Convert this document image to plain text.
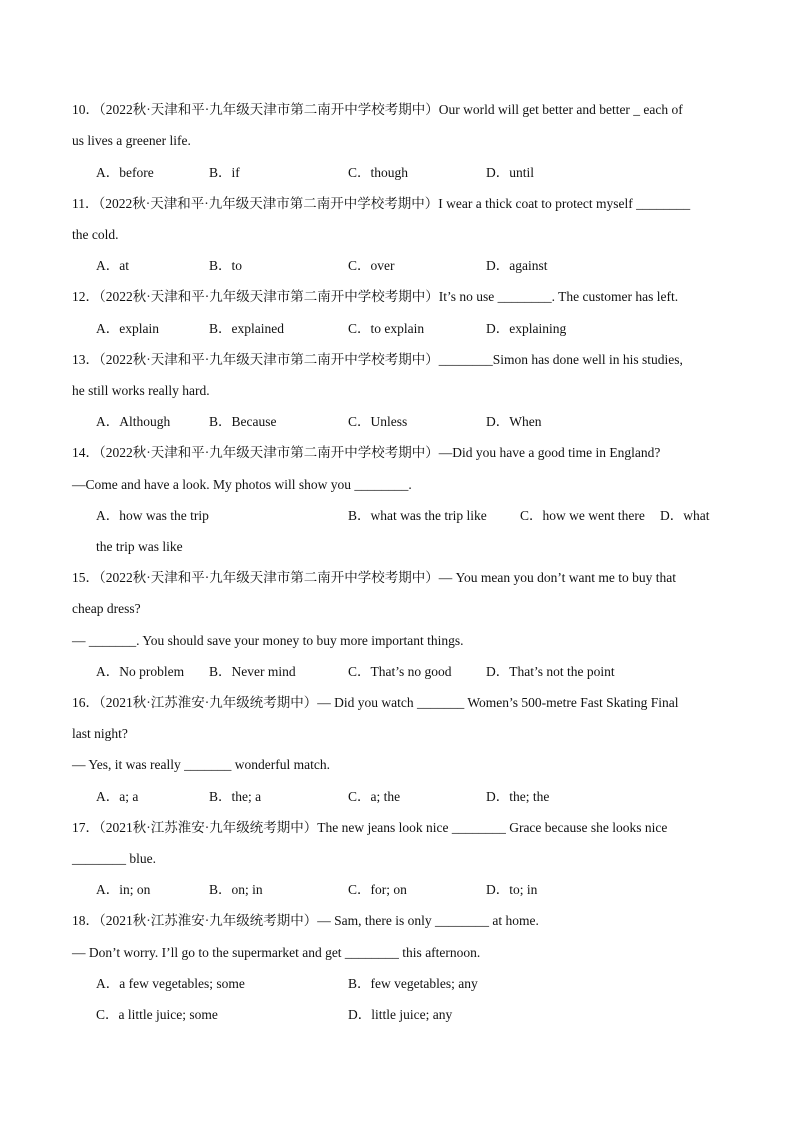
10．（2022秋·天津和平·九年级天津市第二南开中学校考期中）Our world will get better and better _ each of
us lives a greener life.
A．before	B．if	C．though	D．until
11．（2022秋·天津和平·九年级天津市第二南开中学校考期中）I wear a thick coat to protect myself ________
the cold.
A．at	B．to	C．over	D．against
12．（2022秋·天津和平·九年级天津市第二南开中学校考期中）It’s no use ________. The customer has left.
A．explain	B．explained	C．to explain	D．explaining
13．（2022秋·天津和平·九年级天津市第二南开中学校考期中）________Simon has done well in his studies,
he still works really hard.
A．Although	B．Because	C．Unless	D．When
14．（2022秋·天津和平·九年级天津市第二南开中学校考期中）—Did you have a good time in England?
—Come and have a look. My photos will show you ________.
A．how was the trip	B．what was the trip like C．how we went there D．what
the trip was like
15．（2022秋·天津和平·九年级天津市第二南开中学校考期中）— You mean you don’t want me to buy that
cheap dress?
— _______. You should save your money to buy more important things.
A．No problem B．Never mind	C．That’s no good	D．That’s not the point
16．（2021秋·江苏淮安·九年级统考期中）— Did you watch _______ Women’s 500-metre Fast Skating Final
last night?
— Yes, it was really _______ wonderful match.
A．a; a	B．the; a	C．a; the	D．the; the
17．（2021秋·江苏淮安·九年级统考期中）The new jeans look nice ________ Grace because she looks nice
________ blue.
A．in; on	B．on; in	C．for; on	D．to; in
18．（2021秋·江苏淮安·九年级统考期中）— Sam, there is only ________ at home.
— Don’t worry. I’ll go to the supermarket and get ________ this afternoon.
A．a few vegetables; some	B．few vegetables; any
C．a little juice; some	D．little juice; any
